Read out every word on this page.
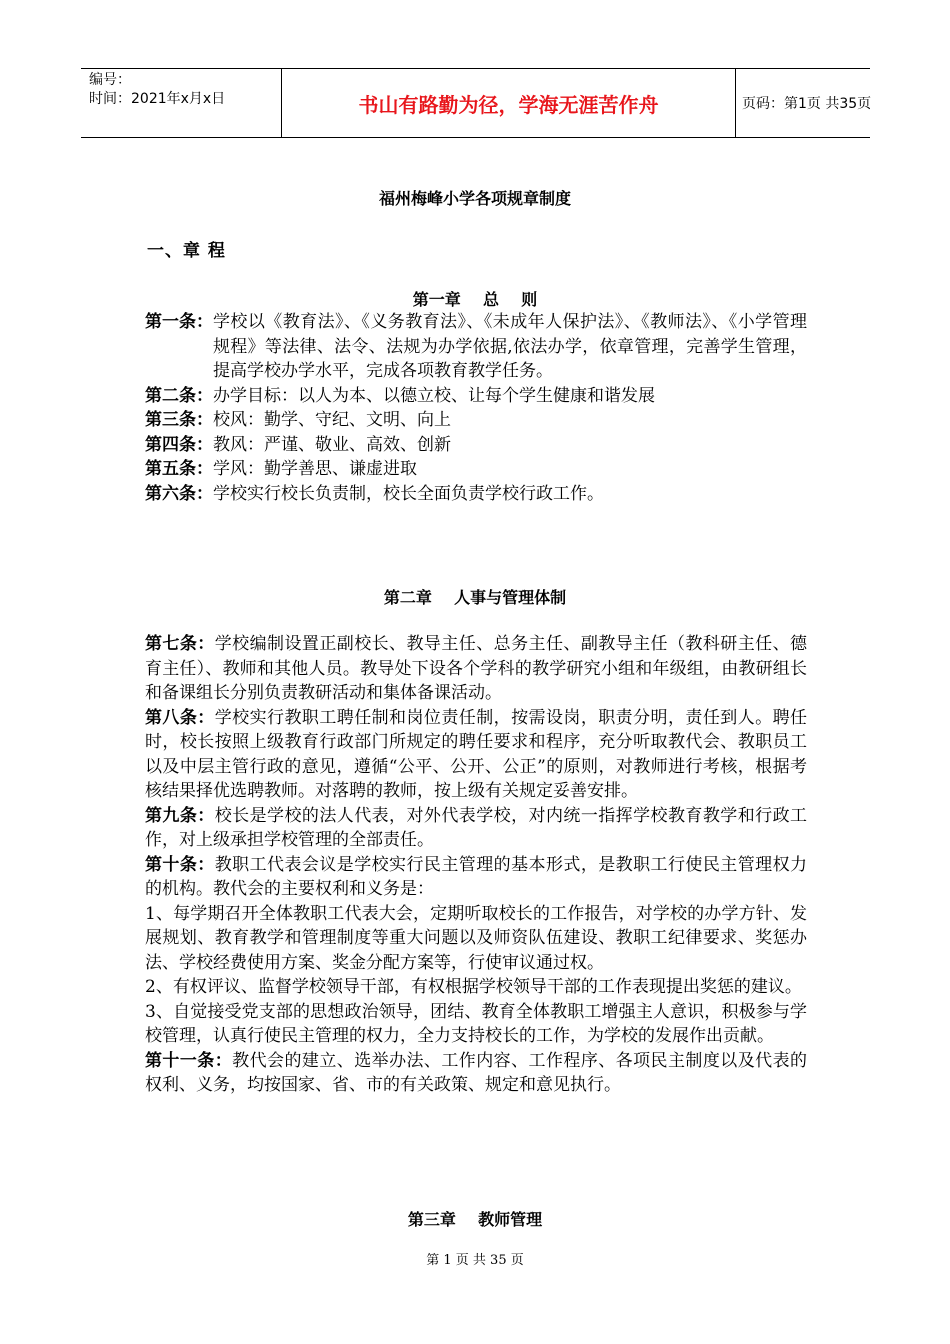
编号：
时间：2021年x月x日	书山有路勤为径，学海无涯苦作舟	页码：第1页 共35页
福州梅峰小学各项规章制度
一、章 程
第一章    总    则
第一条： 学校以《教育法》、《义务教育法》、《未成年人保护法》、《教师法》、《小学管理规程》等法律、法令、法规为办学依据,依法办学，依章管理，完善学生管理，提高学校办学水平，完成各项教育教学任务。
第二条： 办学目标：以人为本、以德立校、让每个学生健康和谐发展
第三条： 校风：勤学、守纪、文明、向上
第四条： 教风：严谨、敬业、高效、创新
第五条： 学风：勤学善思、谦虚进取
第六条： 学校实行校长负责制，校长全面负责学校行政工作。
第二章    人事与管理体制

第七条：学校编制设置正副校长、教导主任、总务主任、副教导主任（教科研主任、德育主任）、教师和其他人员。教导处下设各个学科的教学研究小组和年级组，由教研组长和备课组长分别负责教研活动和集体备课活动。

第八条：学校实行教职工聘任制和岗位责任制，按需设岗，职责分明，责任到人。聘任时，校长按照上级教育行政部门所规定的聘任要求和程序，充分听取教代会、教职员工以及中层主管行政的意见，遵循“公平、公开、公正”的原则，对教师进行考核，根据考核结果择优选聘教师。对落聘的教师，按上级有关规定妥善安排。

第九条：校长是学校的法人代表，对外代表学校，对内统一指挥学校教育教学和行政工作，对上级承担学校管理的全部责任。

第十条：教职工代表会议是学校实行民主管理的基本形式，是教职工行使民主管理权力的机构。教代会的主要权利和义务是：

1、每学期召开全体教职工代表大会，定期听取校长的工作报告，对学校的办学方针、发展规划、教育教学和管理制度等重大问题以及师资队伍建设、教职工纪律要求、奖惩办法、学校经费使用方案、奖金分配方案等，行使审议通过权。

2、有权评议、监督学校领导干部，有权根据学校领导干部的工作表现提出奖惩的建议。

3、自觉接受党支部的思想政治领导，团结、教育全体教职工增强主人意识，积极参与学校管理，认真行使民主管理的权力，全力支持校长的工作，为学校的发展作出贡献。

第十一条：教代会的建立、选举办法、工作内容、工作程序、各项民主制度以及代表的权利、义务，均按国家、省、市的有关政策、规定和意见执行。

第三章    教师管理
第 1 页 共 35 页
